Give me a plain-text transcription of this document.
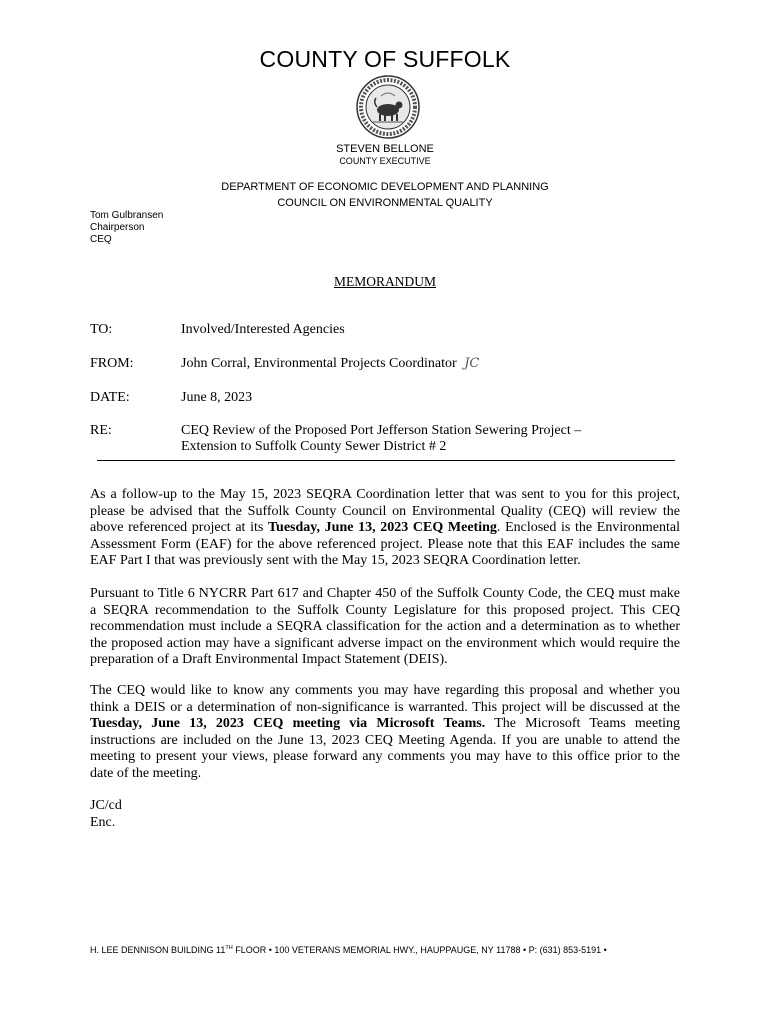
COUNTY OF SUFFOLK
STEVEN BELLONE
COUNTY EXECUTIVE
DEPARTMENT OF ECONOMIC DEVELOPMENT AND PLANNING
COUNCIL ON ENVIRONMENTAL QUALITY
Tom Gulbransen
Chairperson
CEQ
MEMORANDUM
TO:	Involved/Interested Agencies
FROM:	John Corral, Environmental Projects Coordinator JC
DATE:	June 8, 2023
RE:	CEQ Review of the Proposed Port Jefferson Station Sewering Project –
Extension to Suffolk County Sewer District # 2
As a follow-up to the May 15, 2023 SEQRA Coordination letter that was sent to you for this project, please be advised that the Suffolk County Council on Environmental Quality (CEQ) will review the above referenced project at its Tuesday, June 13, 2023 CEQ Meeting. Enclosed is the Environmental Assessment Form (EAF) for the above referenced project. Please note that this EAF includes the same EAF Part I that was previously sent with the May 15, 2023 SEQRA Coordination letter.
Pursuant to Title 6 NYCRR Part 617 and Chapter 450 of the Suffolk County Code, the CEQ must make a SEQRA recommendation to the Suffolk County Legislature for this proposed project. This CEQ recommendation must include a SEQRA classification for the action and a determination as to whether the proposed action may have a significant adverse impact on the environment which would require the preparation of a Draft Environmental Impact Statement (DEIS).
The CEQ would like to know any comments you may have regarding this proposal and whether you think a DEIS or a determination of non-significance is warranted. This project will be discussed at the Tuesday, June 13, 2023 CEQ meeting via Microsoft Teams. The Microsoft Teams meeting instructions are included on the June 13, 2023 CEQ Meeting Agenda. If you are unable to attend the meeting to present your views, please forward any comments you may have to this office prior to the date of the meeting.
JC/cd
Enc.
H. LEE DENNISON BUILDING 11TH FLOOR • 100 VETERANS MEMORIAL HWY., HAUPPAUGE, NY 11788 • P: (631) 853-5191 •
